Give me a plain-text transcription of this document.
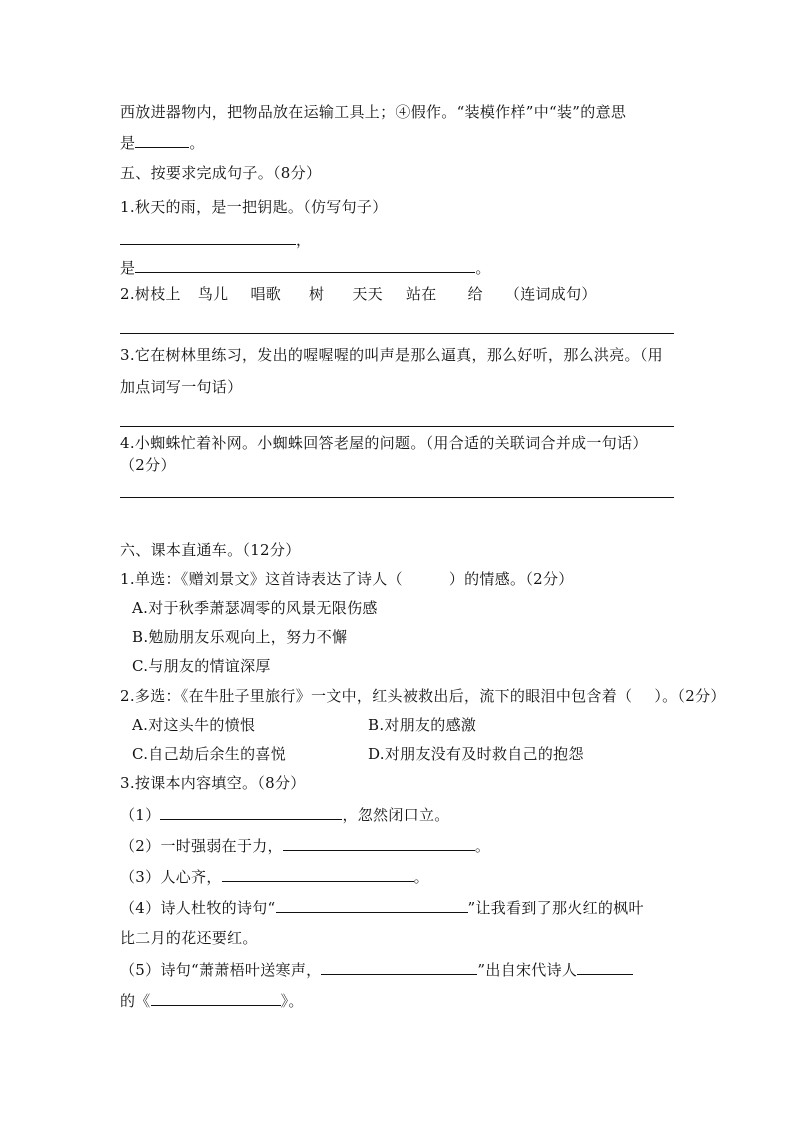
西放进器物内，把物品放在运输工具上；④假作。“装模作样”中“装”的意思
是	。
五、按要求完成句子。（8分）
1.秋天的雨，是一把钥匙。（仿写句子）
，
是	。
2.树枝上 鸟儿 唱歌 树 天天 站在 给 （连词成句）
3.它在树林里练习，发出的喔喔喔的叫声是那么逼真，那么好听，那么洪亮。（用
加点词写一句话）
4.小蜘蛛忙着补网。小蜘蛛回答老屋的问题。（用合适的关联词合并成一句话）
（2分）
六、课本直通车。（12分）
1.单选：《赠刘景文》这首诗表达了诗人（	）的情感。（2分）
A.对于秋季萧瑟凋零的风景无限伤感
B.勉励朋友乐观向上，努力不懈
C.与朋友的情谊深厚
2.多选：《在牛肚子里旅行》一文中，红头被救出后，流下的眼泪中包含着（ ）。（2分）
A.对这头牛的愤恨	B.对朋友的感激
C.自己劫后余生的喜悦	D.对朋友没有及时救自己的抱怨
3.按课本内容填空。（8分）
（1）	，忽然闭口立。
（2）一时强弱在于力，	。
（3）人心齐，	。
（4）诗人杜牧的诗句“	”让我看到了那火红的枫叶
比二月的花还要红。
（5）诗句“萧萧梧叶送寒声，	”出自宋代诗人
的《	》。
